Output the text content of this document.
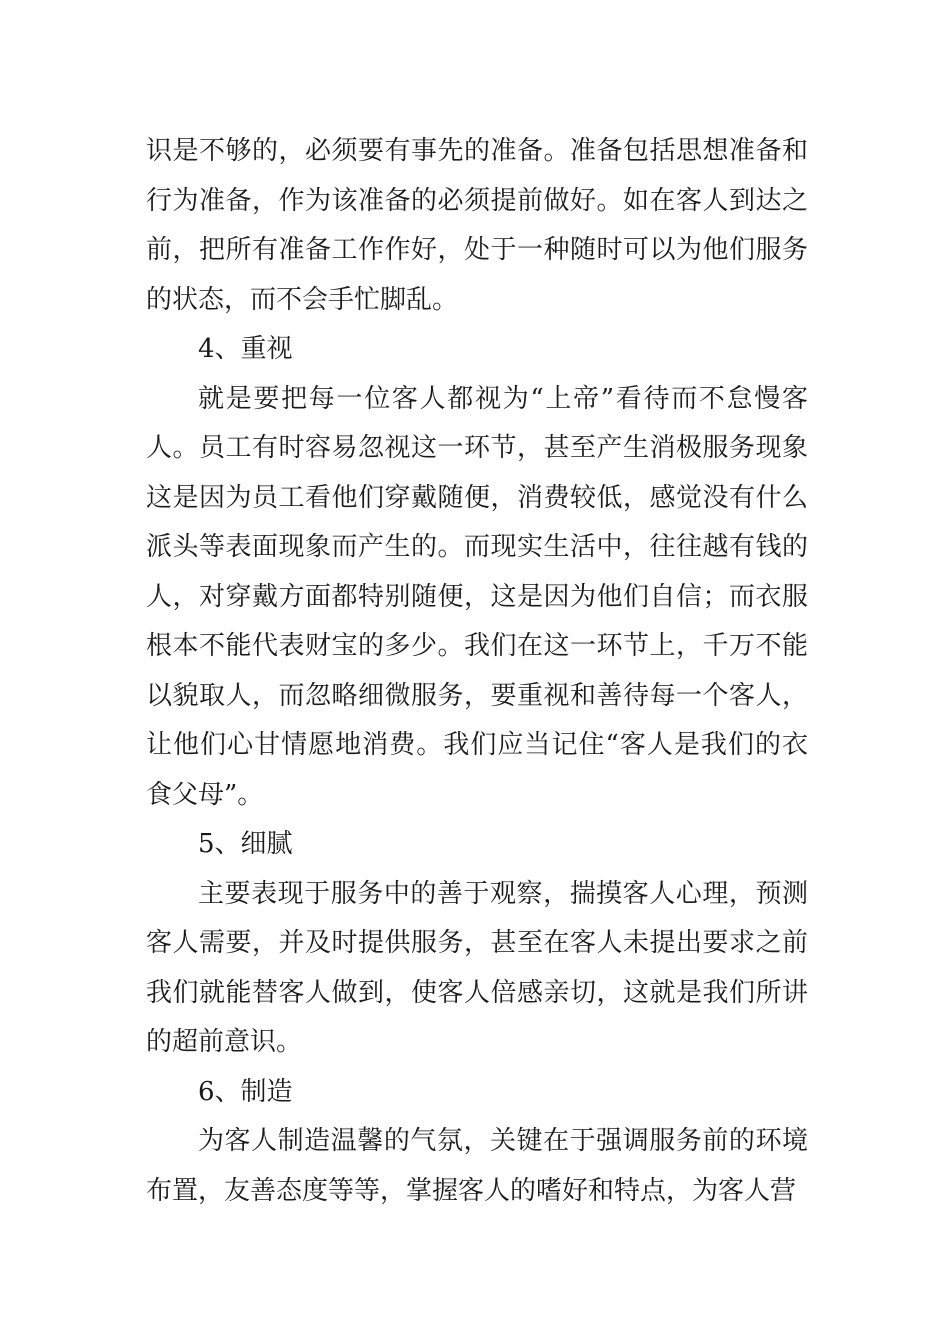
识是不够的，必须要有事先的准备。准备包括思想准备和行为准备，作为该准备的必须提前做好。如在客人到达之前，把所有准备工作作好，处于一种随时可以为他们服务的状态，而不会手忙脚乱。

4、重视

就是要把每一位客人都视为“上帝”看待而不怠慢客人。员工有时容易忽视这一环节，甚至产生消极服务现象这是因为员工看他们穿戴随便，消费较低，感觉没有什么派头等表面现象而产生的。而现实生活中，往往越有钱的人，对穿戴方面都特别随便，这是因为他们自信；而衣服根本不能代表财宝的多少。我们在这一环节上，千万不能以貌取人，而忽略细微服务，要重视和善待每一个客人，让他们心甘情愿地消费。我们应当记住“客人是我们的衣食父母”。

5、细腻

主要表现于服务中的善于观察，揣摸客人心理，预测客人需要，并及时提供服务，甚至在客人未提出要求之前我们就能替客人做到，使客人倍感亲切，这就是我们所讲的超前意识。

6、制造

为客人制造温馨的气氛，关键在于强调服务前的环境布置，友善态度等等，掌握客人的嗜好和特点，为客人营
